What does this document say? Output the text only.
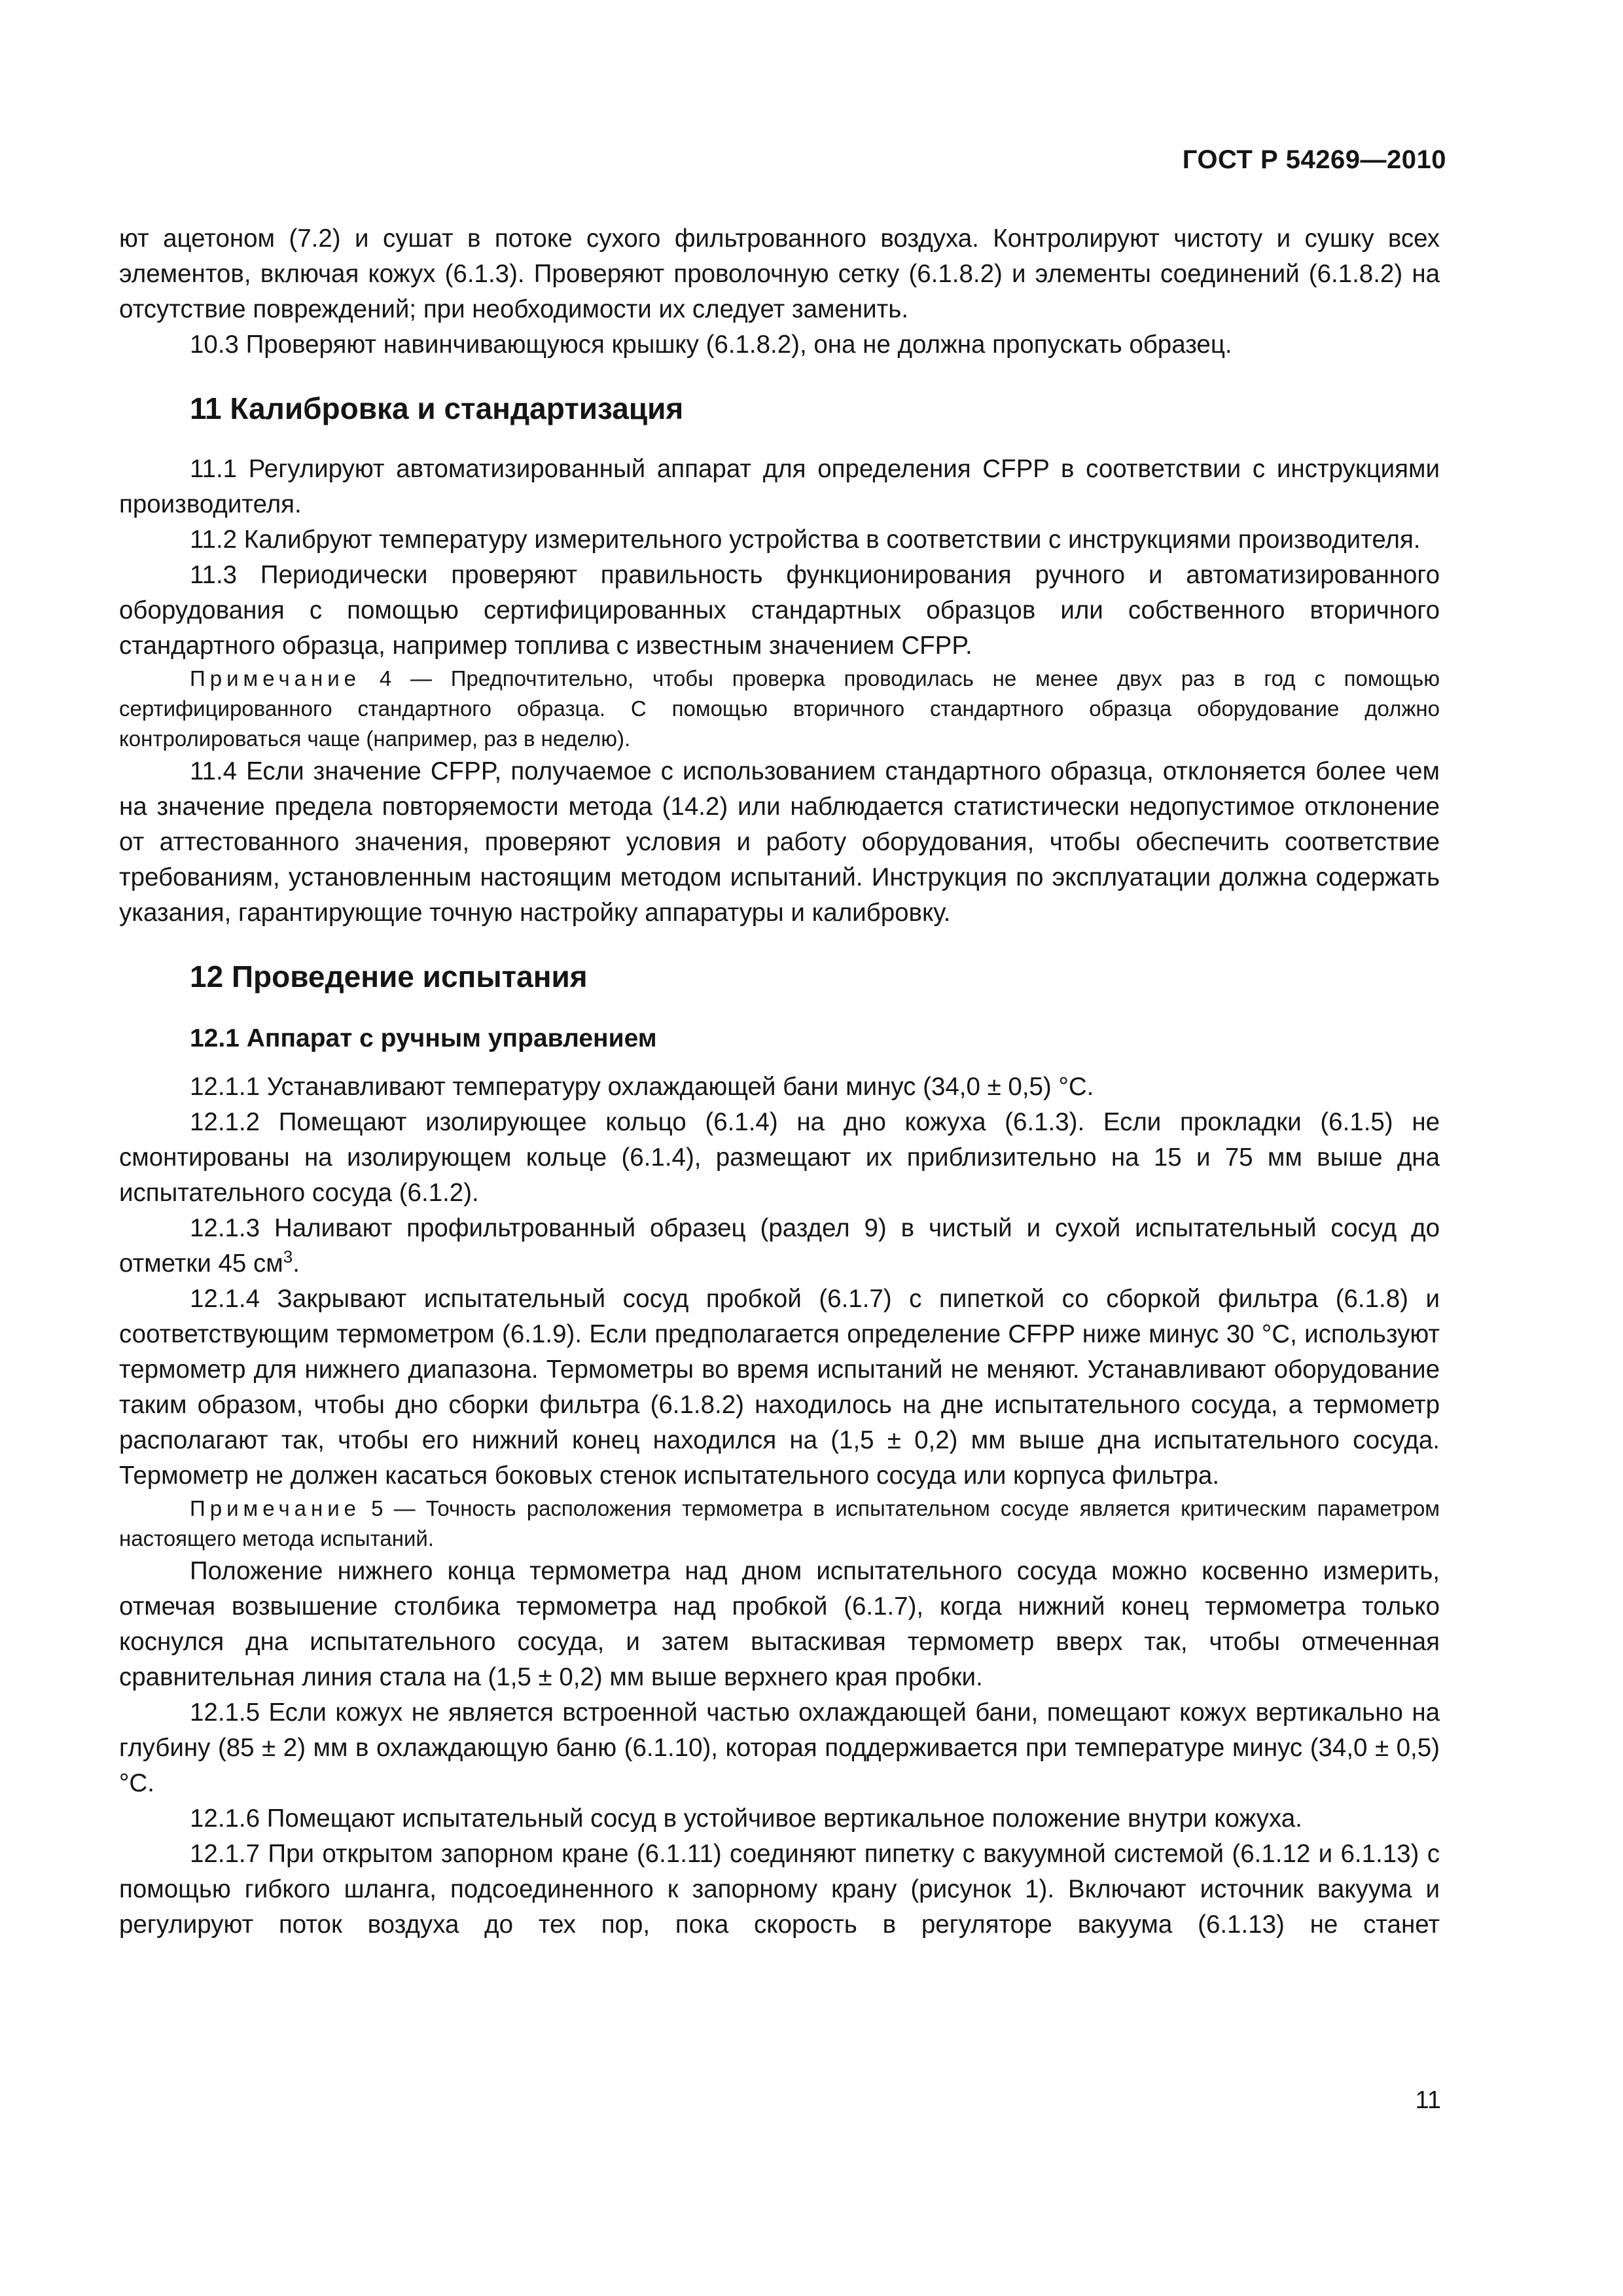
ГОСТ Р 54269—2010

ют ацетоном (7.2) и сушат в потоке сухого фильтрованного воздуха. Контролируют чистоту и сушку всех элементов, включая кожух (6.1.3). Проверяют проволочную сетку (6.1.8.2) и элементы соединений (6.1.8.2) на отсутствие повреждений; при необходимости их следует заменить.

10.3 Проверяют навинчивающуюся крышку (6.1.8.2), она не должна пропускать образец.

11 Калибровка и стандартизация

11.1 Регулируют автоматизированный аппарат для определения CFPP в соответствии с инструкциями производителя.

11.2 Калибруют температуру измерительного устройства в соответствии с инструкциями производителя.

11.3 Периодически проверяют правильность функционирования ручного и автоматизированного оборудования с помощью сертифицированных стандартных образцов или собственного вторичного стандартного образца, например топлива с известным значением CFPP.

Примечание 4 — Предпочтительно, чтобы проверка проводилась не менее двух раз в год с помощью сертифицированного стандартного образца. С помощью вторичного стандартного образца оборудование должно контролироваться чаще (например, раз в неделю).

11.4 Если значение CFPP, получаемое с использованием стандартного образца, отклоняется более чем на значение предела повторяемости метода (14.2) или наблюдается статистически недопустимое отклонение от аттестованного значения, проверяют условия и работу оборудования, чтобы обеспечить соответствие требованиям, установленным настоящим методом испытаний. Инструкция по эксплуатации должна содержать указания, гарантирующие точную настройку аппаратуры и калибровку.

12 Проведение испытания
12.1 Аппарат с ручным управлением

12.1.1 Устанавливают температуру охлаждающей бани минус (34,0 ± 0,5) °С.

12.1.2 Помещают изолирующее кольцо (6.1.4) на дно кожуха (6.1.3). Если прокладки (6.1.5) не смонтированы на изолирующем кольце (6.1.4), размещают их приблизительно на 15 и 75 мм выше дна испытательного сосуда (6.1.2).

12.1.3 Наливают профильтрованный образец (раздел 9) в чистый и сухой испытательный сосуд до отметки 45 $см^3$.

12.1.4 Закрывают испытательный сосуд пробкой (6.1.7) с пипеткой со сборкой фильтра (6.1.8) и соответствующим термометром (6.1.9). Если предполагается определение CFPP ниже минус 30 °С, используют термометр для нижнего диапазона. Термометры во время испытаний не меняют. Устанавливают оборудование таким образом, чтобы дно сборки фильтра (6.1.8.2) находилось на дне испытательного сосуда, а термометр располагают так, чтобы его нижний конец находился на (1,5 ± 0,2) мм выше дна испытательного сосуда. Термометр не должен касаться боковых стенок испытательного сосуда или корпуса фильтра.

Примечание 5 — Точность расположения термометра в испытательном сосуде является критическим параметром настоящего метода испытаний.

Положение нижнего конца термометра над дном испытательного сосуда можно косвенно измерить, отмечая возвышение столбика термометра над пробкой (6.1.7), когда нижний конец термометра только коснулся дна испытательного сосуда, и затем вытаскивая термометр вверх так, чтобы отмеченная сравнительная линия стала на (1,5 ± 0,2) мм выше верхнего края пробки.

12.1.5 Если кожух не является встроенной частью охлаждающей бани, помещают кожух вертикально на глубину (85 ± 2) мм в охлаждающую баню (6.1.10), которая поддерживается при температуре минус (34,0 ± 0,5) °С.

12.1.6 Помещают испытательный сосуд в устойчивое вертикальное положение внутри кожуха.

12.1.7 При открытом запорном кране (6.1.11) соединяют пипетку с вакуумной системой (6.1.12 и 6.1.13) с помощью гибкого шланга, подсоединенного к запорному крану (рисунок 1). Включают источник вакуума и регулируют поток воздуха до тех пор, пока скорость в регуляторе вакуума (6.1.13) не станет

11
